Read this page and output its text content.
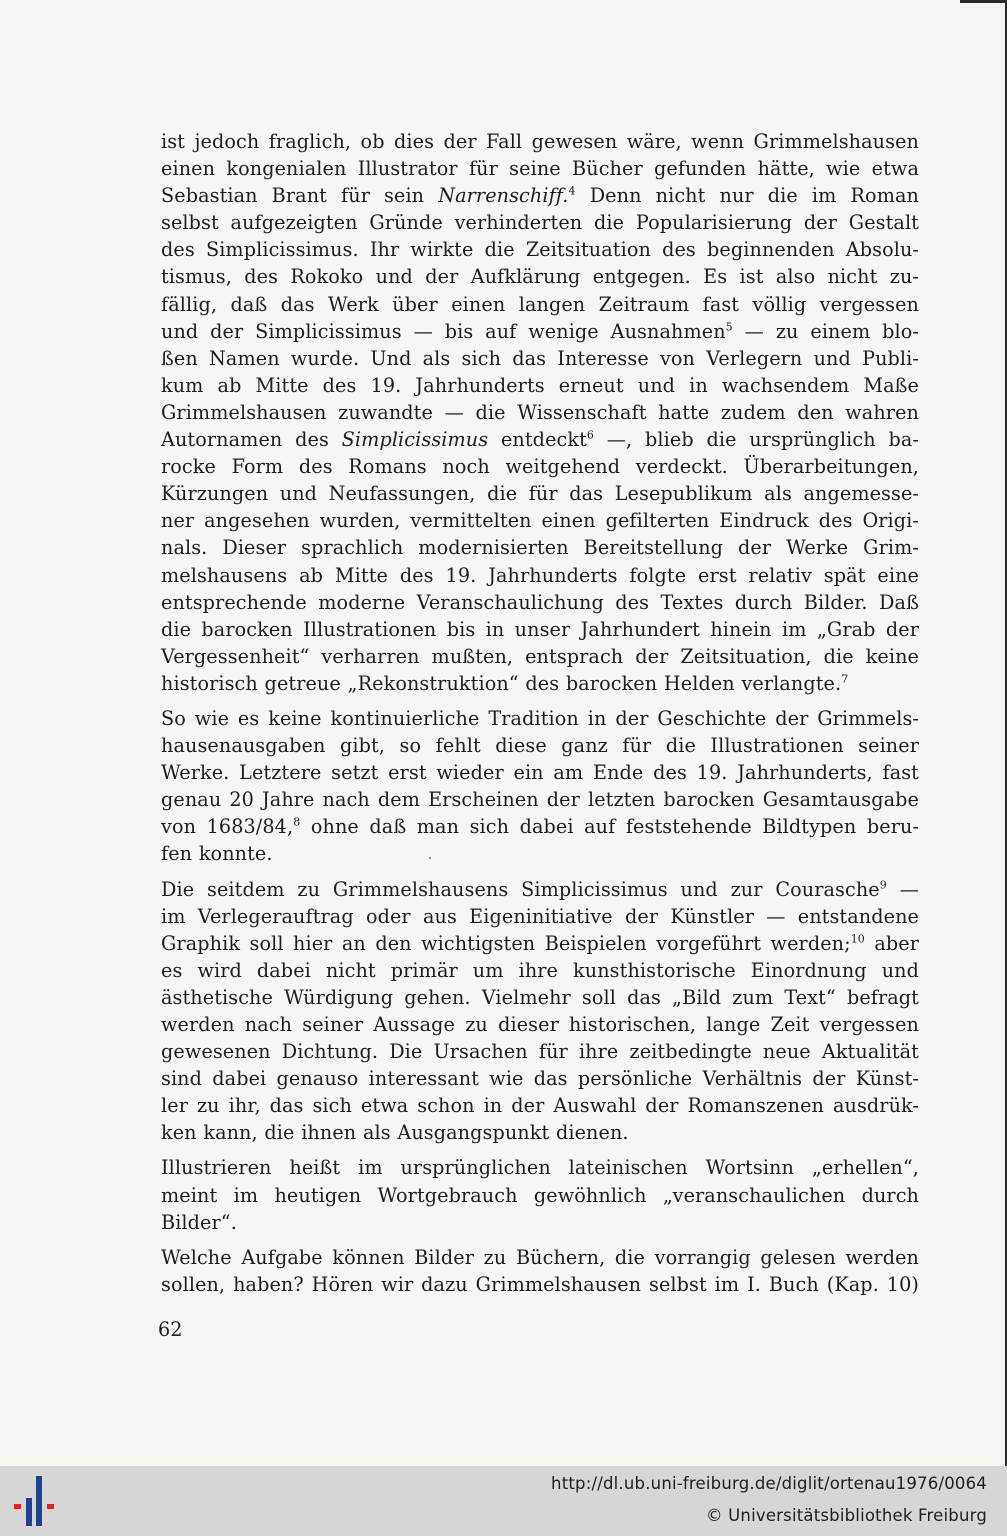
ist jedoch fraglich, ob dies der Fall gewesen wäre, wenn Grimmelshausen
einen kongenialen Illustrator für seine Bücher gefunden hätte, wie etwa
Sebastian Brant für sein Narrenschiff.$^4$ Denn nicht nur die im Roman
selbst aufgezeigten Gründe verhinderten die Popularisierung der Gestalt
des Simplicissimus. Ihr wirkte die Zeitsituation des beginnenden Absolu-
tismus, des Rokoko und der Aufklärung entgegen. Es ist also nicht zu-
fällig, daß das Werk über einen langen Zeitraum fast völlig vergessen
und der Simplicissimus — bis auf wenige Ausnahmen$^5$ — zu einem blo-
ßen Namen wurde. Und als sich das Interesse von Verlegern und Publi-
kum ab Mitte des 19. Jahrhunderts erneut und in wachsendem Maße
Grimmelshausen zuwandte — die Wissenschaft hatte zudem den wahren
Autornamen des Simplicissimus entdeckt$^6$ —, blieb die ursprünglich ba-
rocke Form des Romans noch weitgehend verdeckt. Überarbeitungen,
Kürzungen und Neufassungen, die für das Lesepublikum als angemesse-
ner angesehen wurden, vermittelten einen gefilterten Eindruck des Origi-
nals. Dieser sprachlich modernisierten Bereitstellung der Werke Grim-
melshausens ab Mitte des 19. Jahrhunderts folgte erst relativ spät eine
entsprechende moderne Veranschaulichung des Textes durch Bilder. Daß
die barocken Illustrationen bis in unser Jahrhundert hinein im „Grab der
Vergessenheit“ verharren mußten, entsprach der Zeitsituation, die keine
historisch getreue „Rekonstruktion“ des barocken Helden verlangte.$^7$
So wie es keine kontinuierliche Tradition in der Geschichte der Grimmels-
hausenausgaben gibt, so fehlt diese ganz für die Illustrationen seiner
Werke. Letztere setzt erst wieder ein am Ende des 19. Jahrhunderts, fast
genau 20 Jahre nach dem Erscheinen der letzten barocken Gesamtausgabe
von 1683/84,$^8$ ohne daß man sich dabei auf feststehende Bildtypen beru-
fen konnte.
Die seitdem zu Grimmelshausens Simplicissimus und zur Courasche$^9$ —
im Verlegerauftrag oder aus Eigeninitiative der Künstler — entstandene
Graphik soll hier an den wichtigsten Beispielen vorgeführt werden;$^{10}$ aber
es wird dabei nicht primär um ihre kunsthistorische Einordnung und
ästhetische Würdigung gehen. Vielmehr soll das „Bild zum Text“ befragt
werden nach seiner Aussage zu dieser historischen, lange Zeit vergessen
gewesenen Dichtung. Die Ursachen für ihre zeitbedingte neue Aktualität
sind dabei genauso interessant wie das persönliche Verhältnis der Künst-
ler zu ihr, das sich etwa schon in der Auswahl der Romanszenen ausdrük-
ken kann, die ihnen als Ausgangspunkt dienen.
Illustrieren heißt im ursprünglichen lateinischen Wortsinn „erhellen“,
meint im heutigen Wortgebrauch gewöhnlich „veranschaulichen durch
Bilder“.
Welche Aufgabe können Bilder zu Büchern, die vorrangig gelesen werden
sollen, haben? Hören wir dazu Grimmelshausen selbst im I. Buch (Kap. 10)
62
http://dl.ub.uni-freiburg.de/diglit/ortenau1976/0064
© Universitätsbibliothek Freiburg
